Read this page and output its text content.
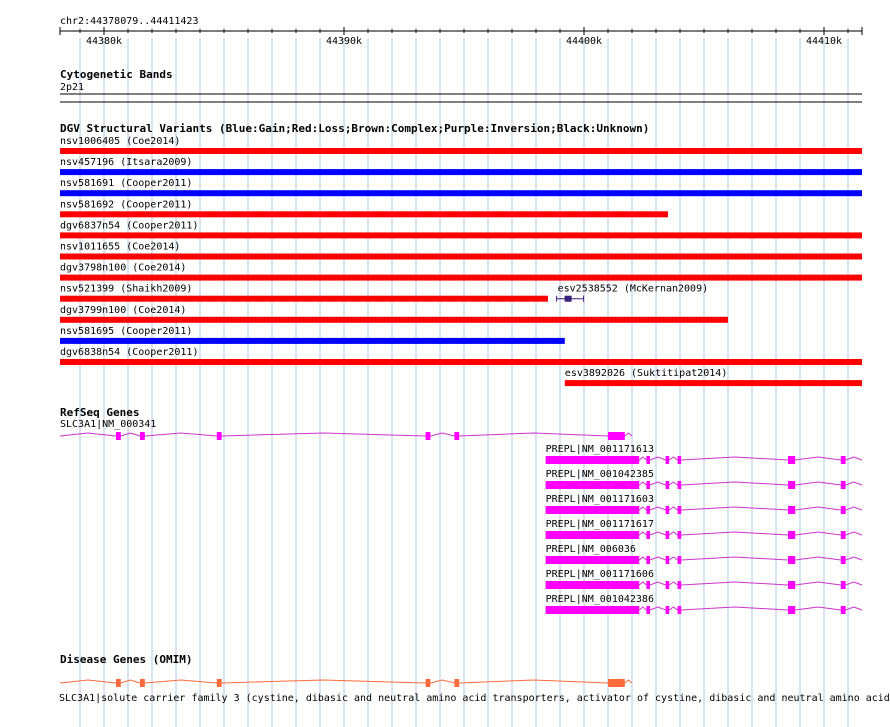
chr2:44378079..44411423
44380k	44390k	44400k	44410k
Cytogenetic Bands
2p21
DGV Structural Variants (Blue:Gain;Red:Loss;Brown:Complex;Purple:Inversion;Black:Unknown)
nsv1006405 (Coe2014)
nsv457196 (Itsara2009)
nsv581691 (Cooper2011)
nsv581692 (Cooper2011)
dgv6837n54 (Cooper2011)
nsv1011655 (Coe2014)
dgv3798n100 (Coe2014)
nsv521399 (Shaikh2009)	esv2538552 (McKernan2009)
dgv3799n100 (Coe2014)
nsv581695 (Cooper2011)
dgv6838n54 (Cooper2011)
esv3892026 (Suktitipat2014)
RefSeq Genes
SLC3A1|NM_000341
PREPL|NM_001171613
PREPL|NM_001042385
PREPL|NM_001171603
PREPL|NM_001171617
PREPL|NM_006036
PREPL|NM_001171606
PREPL|NM_001042386
Disease Genes (OMIM)
SLC3A1|solute carrier family 3 (cystine, dibasic and neutral amino acid transporters, activator of cystine, dibasic and neutral amino acid
